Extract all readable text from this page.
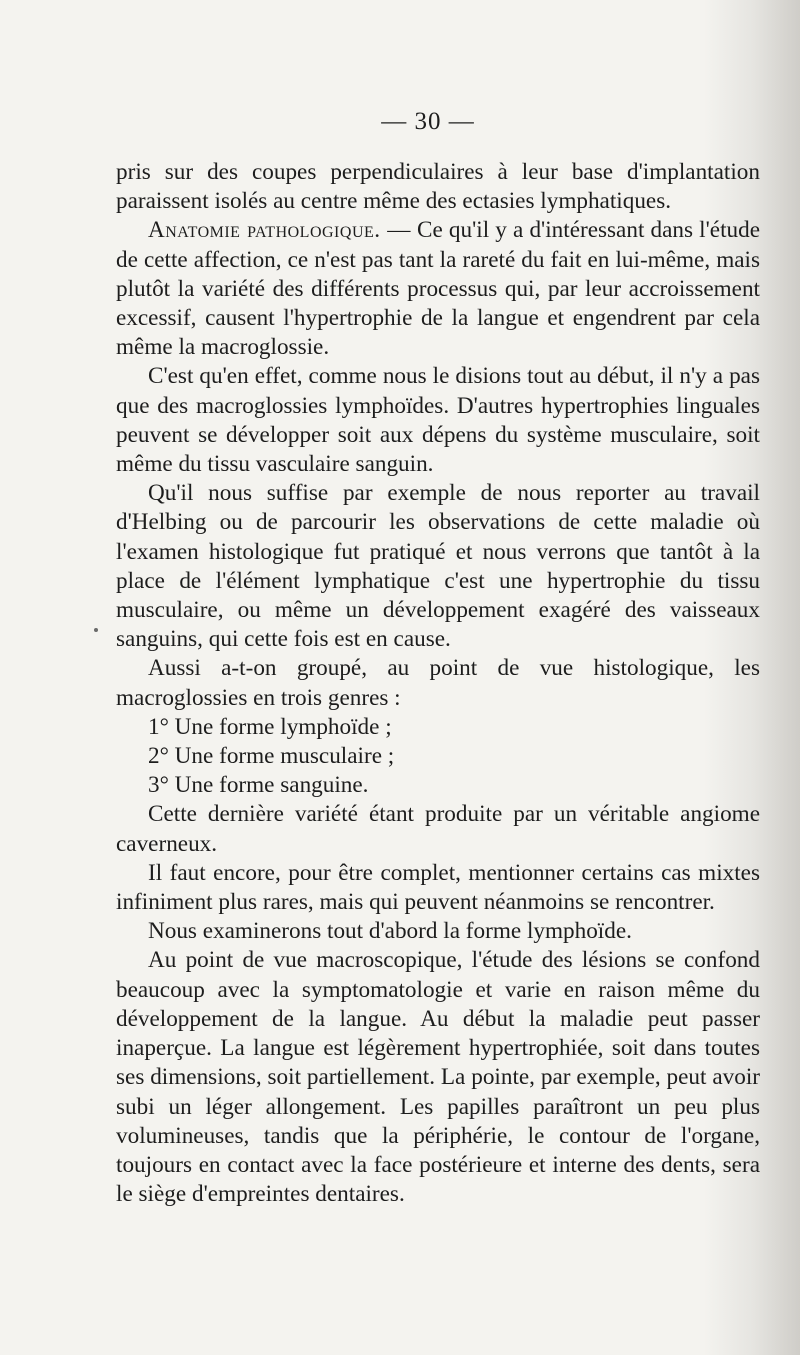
— 30 —

pris sur des coupes perpendiculaires à leur base d'implantation paraissent isolés au centre même des ectasies lymphatiques.

Anatomie pathologique. — Ce qu'il y a d'intéressant dans l'étude de cette affection, ce n'est pas tant la rareté du fait en lui-même, mais plutôt la variété des différents processus qui, par leur accroissement excessif, causent l'hypertrophie de la langue et engendrent par cela même la macroglossie.

C'est qu'en effet, comme nous le disions tout au début, il n'y a pas que des macroglossies lymphoïdes. D'autres hypertrophies linguales peuvent se développer soit aux dépens du système musculaire, soit même du tissu vasculaire sanguin.

Qu'il nous suffise par exemple de nous reporter au travail d'Helbing ou de parcourir les observations de cette maladie où l'examen histologique fut pratiqué et nous verrons que tantôt à la place de l'élément lymphatique c'est une hypertrophie du tissu musculaire, ou même un développement exagéré des vaisseaux sanguins, qui cette fois est en cause.

Aussi a-t-on groupé, au point de vue histologique, les macroglossies en trois genres :

1° Une forme lymphoïde ;

2° Une forme musculaire ;

3° Une forme sanguine.

Cette dernière variété étant produite par un véritable angiome caverneux.

Il faut encore, pour être complet, mentionner certains cas mixtes infiniment plus rares, mais qui peuvent néanmoins se rencontrer.

Nous examinerons tout d'abord la forme lymphoïde.

Au point de vue macroscopique, l'étude des lésions se confond beaucoup avec la symptomatologie et varie en raison même du développement de la langue. Au début la maladie peut passer inaperçue. La langue est légèrement hypertrophiée, soit dans toutes ses dimensions, soit partiellement. La pointe, par exemple, peut avoir subi un léger allongement. Les papilles paraîtront un peu plus volumineuses, tandis que la périphérie, le contour de l'organe, toujours en contact avec la face postérieure et interne des dents, sera le siège d'empreintes dentaires.
